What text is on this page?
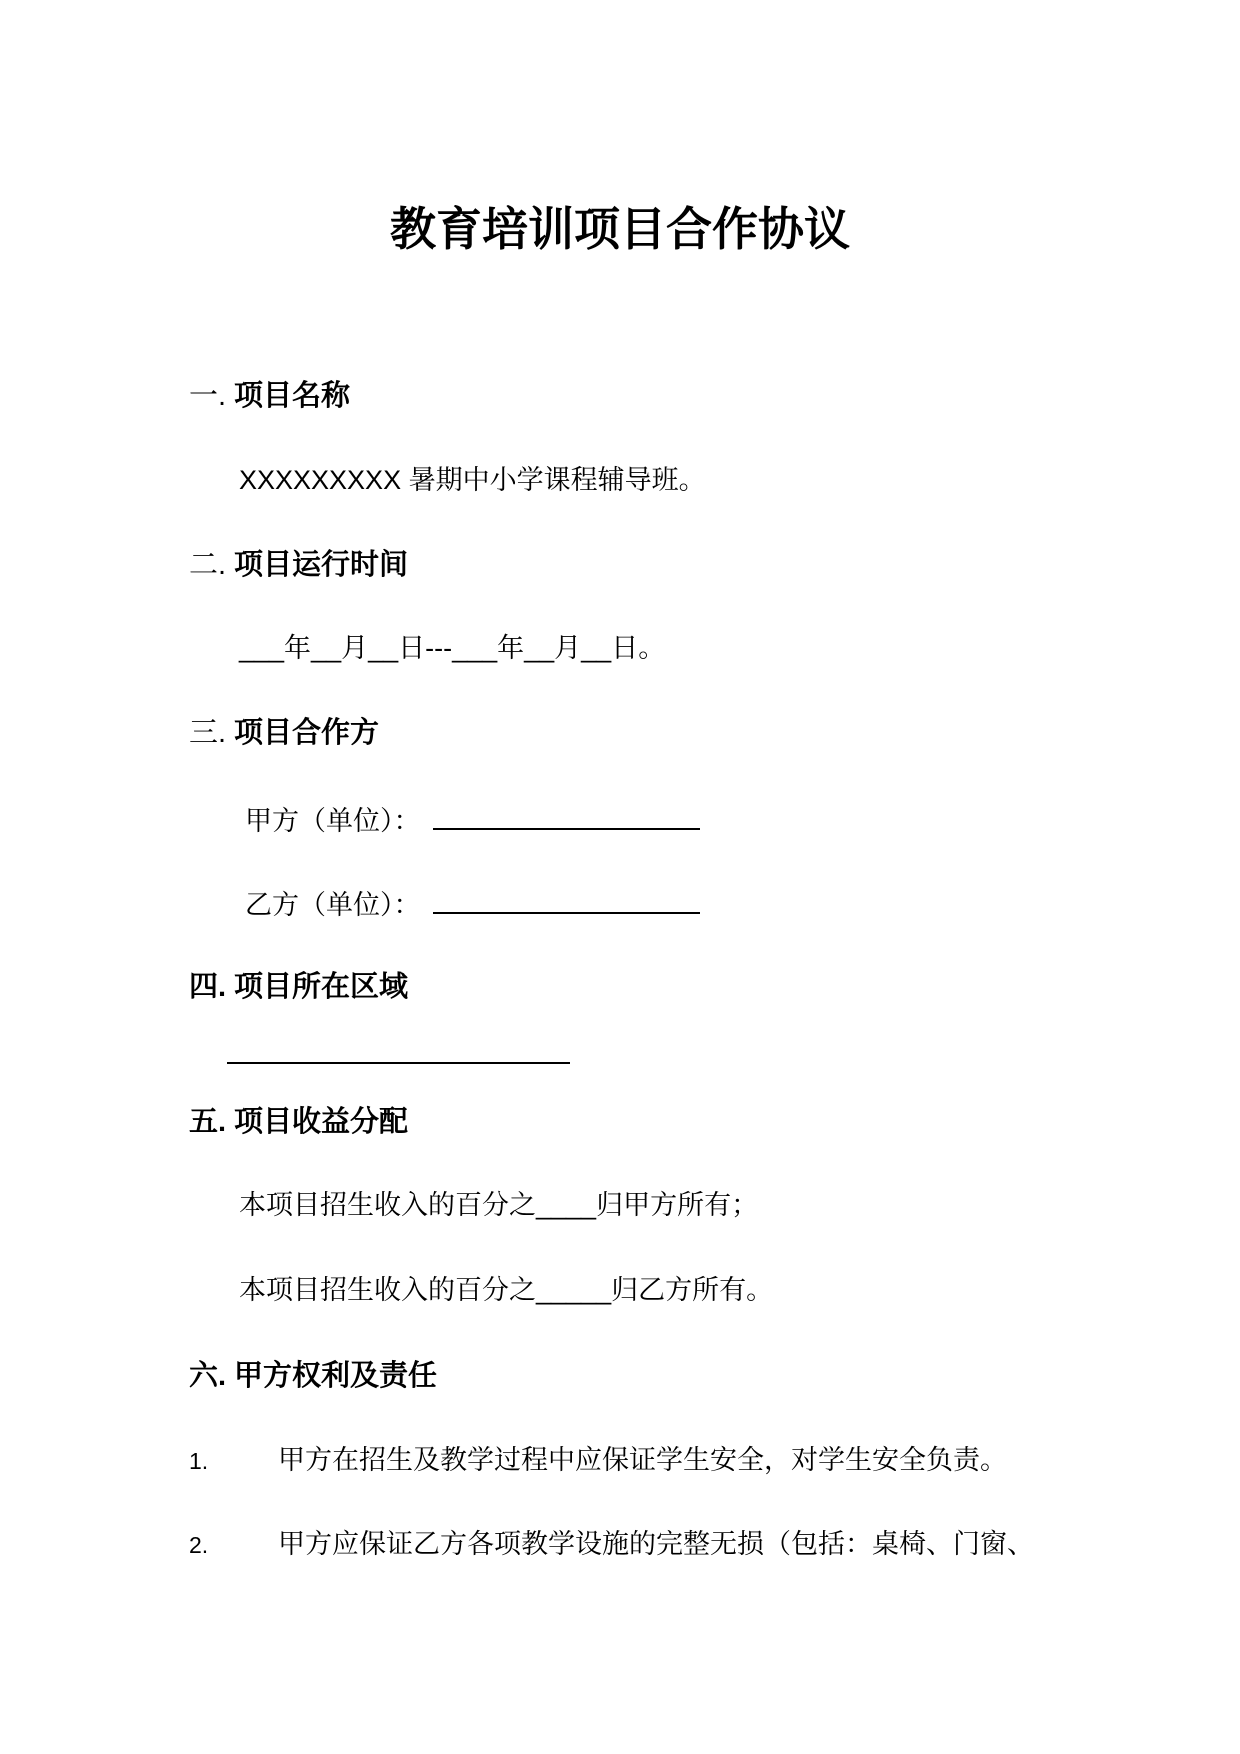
教育培训项目合作协议
一. 项目名称
XXXXXXXXX 暑期中小学课程辅导班。
二. 项目运行时间
___年__月__日---___年__月__日。
三. 项目合作方
甲方（单位）：
乙方（单位）：
四. 项目所在区域
五. 项目收益分配
本项目招生收入的百分之____归甲方所有；
本项目招生收入的百分之_____归乙方所有。
六. 甲方权利及责任
1.	甲方在招生及教学过程中应保证学生安全，对学生安全负责。
2.	甲方应保证乙方各项教学设施的完整无损（包括：桌椅、门窗、
